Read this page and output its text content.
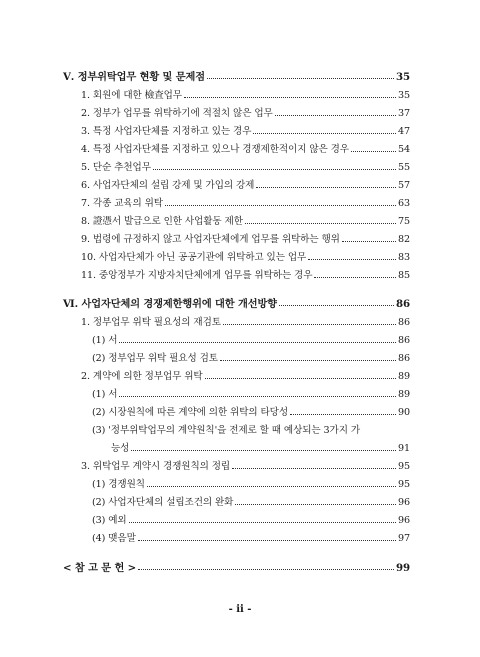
Ⅴ. 정부위탁업무 현황 및 문제점	35
1. 회원에 대한 檢査업무	35
2. 정부가 업무를 위탁하기에 적절치 않은 업무	37
3. 특정 사업자단체를 지정하고 있는 경우	47
4. 특정 사업자단체를 지정하고 있으나 경쟁제한적이지 않은 경우	54
5. 단순 추천업무	55
6. 사업자단체의 설립 강제 및 가입의 강제	57
7. 각종 교육의 위탁	63
8. 證憑서 발급으로 인한 사업활동 제한	75
9. 법령에 규정하지 않고 사업자단체에게 업무를 위탁하는 행위	82
10. 사업자단체가 아닌 공공기관에 위탁하고 있는 업무	83
11. 중앙정부가 지방자치단체에게 업무를 위탁하는 경우	85
Ⅵ. 사업자단체의 경쟁제한행위에 대한 개선방향	86
1. 정부업무 위탁 필요성의 재검토	86
(1) 서	86
(2) 정부업무 위탁 필요성 검토	86
2. 계약에 의한 정부업무 위탁	89
(1) 서	89
(2) 시장원칙에 따른 계약에 의한 위탁의 타당성	90
(3) '정부위탁업무의 계약원칙'을 전제로 할 때 예상되는 3가지 가
능성	91
3. 위탁업무 계약시 경쟁원칙의 정립	95
(1) 경쟁원칙	95
(2) 사업자단체의 설립조건의 완화	96
(3) 예외	96
(4) 맺음말	97
< 참 고 문 헌 >	99
- ii -
